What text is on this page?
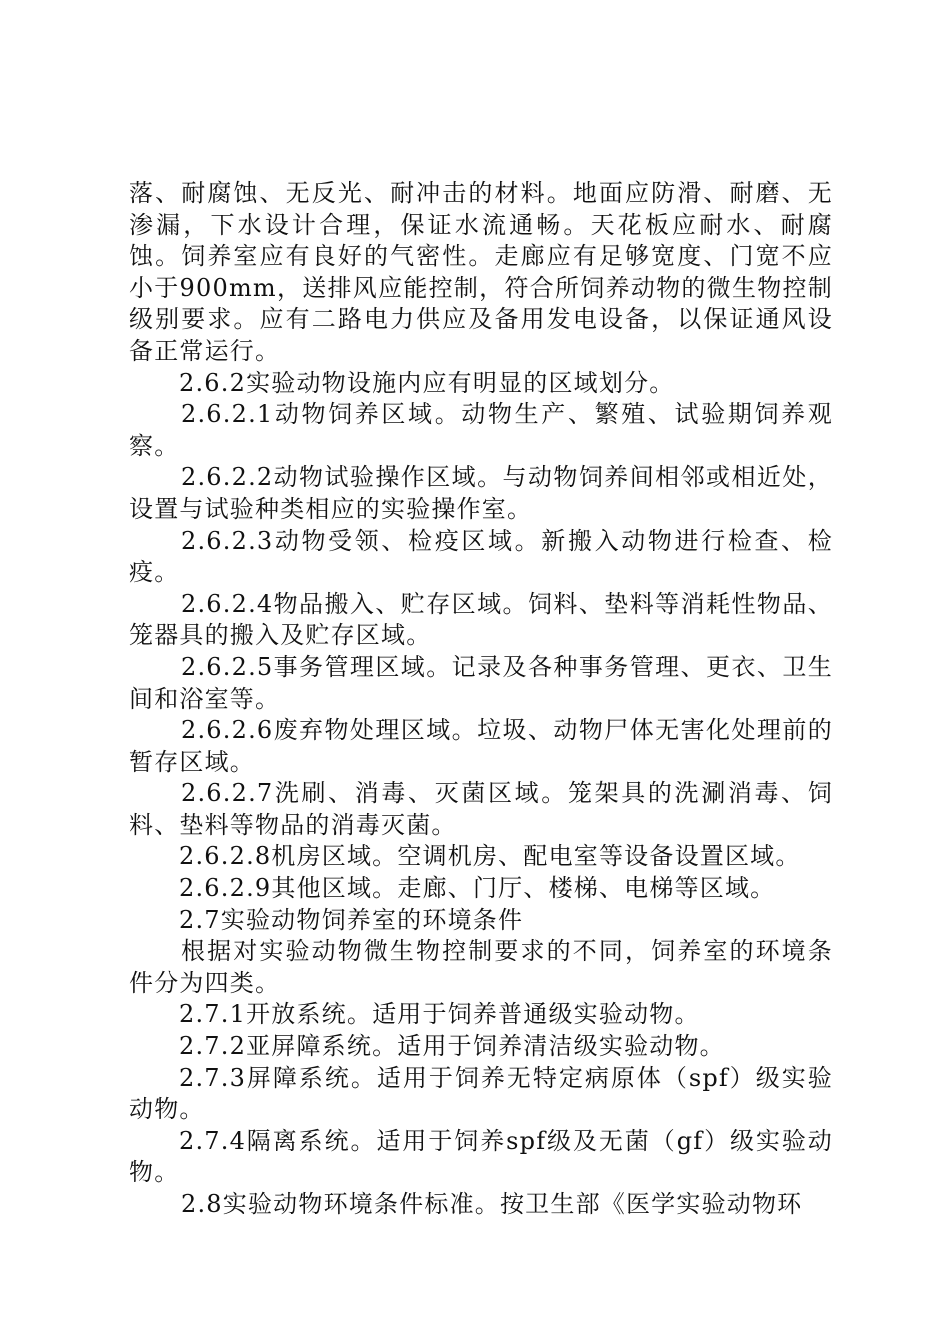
落、耐腐蚀、无反光、耐冲击的材料。地面应防滑、耐磨、无渗漏，下水设计合理，保证水流通畅。天花板应耐水、耐腐蚀。饲养室应有良好的气密性。走廊应有足够宽度、门宽不应小于900mm，送排风应能控制，符合所饲养动物的微生物控制级别要求。应有二路电力供应及备用发电设备，以保证通风设备正常运行。

2.6.2实验动物设施内应有明显的区域划分。

2.6.2.1动物饲养区域。动物生产、繁殖、试验期饲养观察。

2.6.2.2动物试验操作区域。与动物饲养间相邻或相近处，设置与试验种类相应的实验操作室。

2.6.2.3动物受领、检疫区域。新搬入动物进行检查、检疫。

2.6.2.4物品搬入、贮存区域。饲料、垫料等消耗性物品、笼器具的搬入及贮存区域。

2.6.2.5事务管理区域。记录及各种事务管理、更衣、卫生间和浴室等。

2.6.2.6废弃物处理区域。垃圾、动物尸体无害化处理前的暂存区域。

2.6.2.7洗刷、消毒、灭菌区域。笼架具的洗涮消毒、饲料、垫料等物品的消毒灭菌。

2.6.2.8机房区域。空调机房、配电室等设备设置区域。

2.6.2.9其他区域。走廊、门厅、楼梯、电梯等区域。

2.7实验动物饲养室的环境条件

根据对实验动物微生物控制要求的不同，饲养室的环境条件分为四类。

2.7.1开放系统。适用于饲养普通级实验动物。

2.7.2亚屏障系统。适用于饲养清洁级实验动物。

2.7.3屏障系统。适用于饲养无特定病原体（spf）级实验动物。

2.7.4隔离系统。适用于饲养spf级及无菌（gf）级实验动物。

2.8实验动物环境条件标准。按卫生部《医学实验动物环
